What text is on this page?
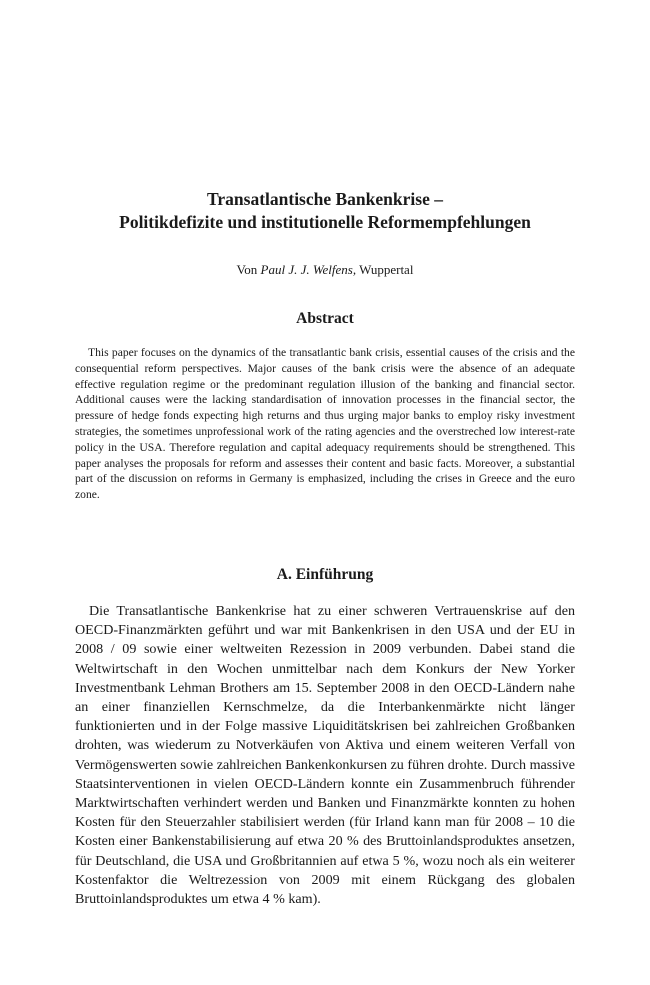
Transatlantische Bankenkrise –

Politikdefizite und institutionelle Reformempfehlungen

Von Paul J. J. Welfens, Wuppertal
Abstract

This paper focuses on the dynamics of the transatlantic bank crisis, essential causes of the crisis and the consequential reform perspectives. Major causes of the bank crisis were the absence of an adequate effective regulation regime or the predominant regulation illusion of the banking and financial sector. Additional causes were the lacking standardisation of innovation processes in the financial sector, the pressure of hedge fonds expecting high returns and thus urging major banks to employ risky investment strategies, the sometimes unprofessional work of the rating agencies and the overstreched low interest-rate policy in the USA. Therefore regulation and capital adequacy requirements should be strengthened. This paper analyses the proposals for reform and assesses their content and basic facts. Moreover, a substantial part of the discussion on reforms in Germany is emphasized, including the crises in Greece and the euro zone.

A. Einführung

Die Transatlantische Bankenkrise hat zu einer schweren Vertrauenskrise auf den OECD-Finanzmärkten geführt und war mit Bankenkrisen in den USA und der EU in 2008 / 09 sowie einer weltweiten Rezession in 2009 verbunden. Dabei stand die Weltwirtschaft in den Wochen unmittelbar nach dem Konkurs der New Yorker Investmentbank Lehman Brothers am 15. September 2008 in den OECD-Ländern nahe an einer finanziellen Kernschmelze, da die Interbankenmärkte nicht länger funktionierten und in der Folge massive Liquiditätskrisen bei zahlreichen Großbanken drohten, was wiederum zu Notverkäufen von Aktiva und einem weiteren Verfall von Vermögenswerten sowie zahlreichen Bankenkonkursen zu führen drohte. Durch massive Staatsinterventionen in vielen OECD-Ländern konnte ein Zusammenbruch führender Marktwirtschaften verhindert werden und Banken und Finanzmärkte konnten zu hohen Kosten für den Steuerzahler stabilisiert werden (für Irland kann man für 2008 – 10 die Kosten einer Bankenstabilisierung auf etwa 20 % des Bruttoinlandsproduktes ansetzen, für Deutschland, die USA und Großbritannien auf etwa 5 %, wozu noch als ein weiterer Kostenfaktor die Weltrezession von 2009 mit einem Rückgang des globalen Bruttoinlandsproduktes um etwa 4 % kam).
